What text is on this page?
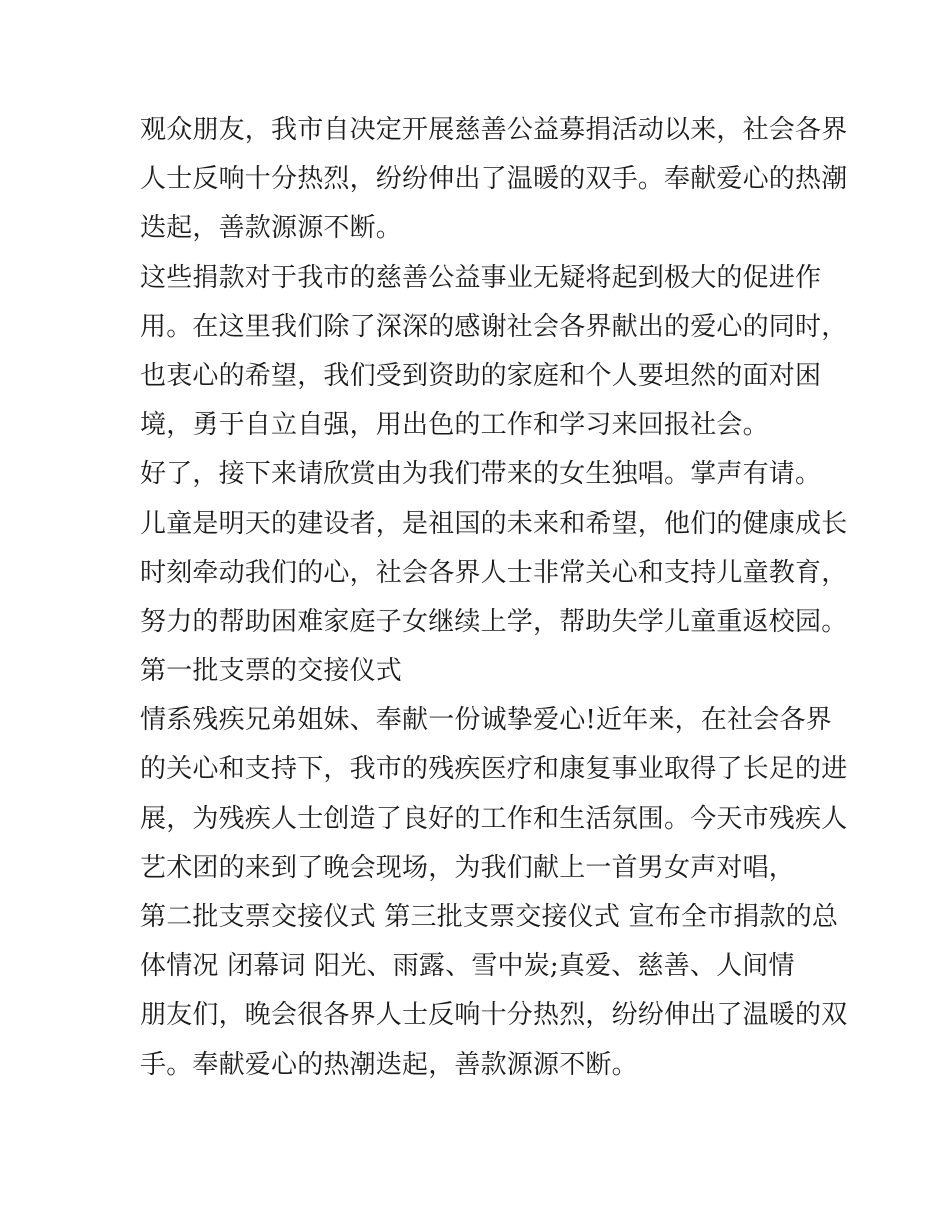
观众朋友，我市自决定开展慈善公益募捐活动以来，社会各界
人士反响十分热烈，纷纷伸出了温暖的双手。奉献爱心的热潮
迭起，善款源源不断。
这些捐款对于我市的慈善公益事业无疑将起到极大的促进作
用。在这里我们除了深深的感谢社会各界献出的爱心的同时，
也衷心的希望，我们受到资助的家庭和个人要坦然的面对困
境，勇于自立自强，用出色的工作和学习来回报社会。
好了，接下来请欣赏由为我们带来的女生独唱。掌声有请。
儿童是明天的建设者，是祖国的未来和希望，他们的健康成长
时刻牵动我们的心，社会各界人士非常关心和支持儿童教育，
努力的帮助困难家庭子女继续上学，帮助失学儿童重返校园。
第一批支票的交接仪式
情系残疾兄弟姐妹、奉献一份诚挚爱心!近年来，在社会各界
的关心和支持下，我市的残疾医疗和康复事业取得了长足的进
展，为残疾人士创造了良好的工作和生活氛围。今天市残疾人
艺术团的来到了晚会现场，为我们献上一首男女声对唱，
第二批支票交接仪式 第三批支票交接仪式 宣布全市捐款的总
体情况 闭幕词 阳光、雨露、雪中炭;真爱、慈善、人间情
朋友们，晚会很各界人士反响十分热烈，纷纷伸出了温暖的双
手。奉献爱心的热潮迭起，善款源源不断。
